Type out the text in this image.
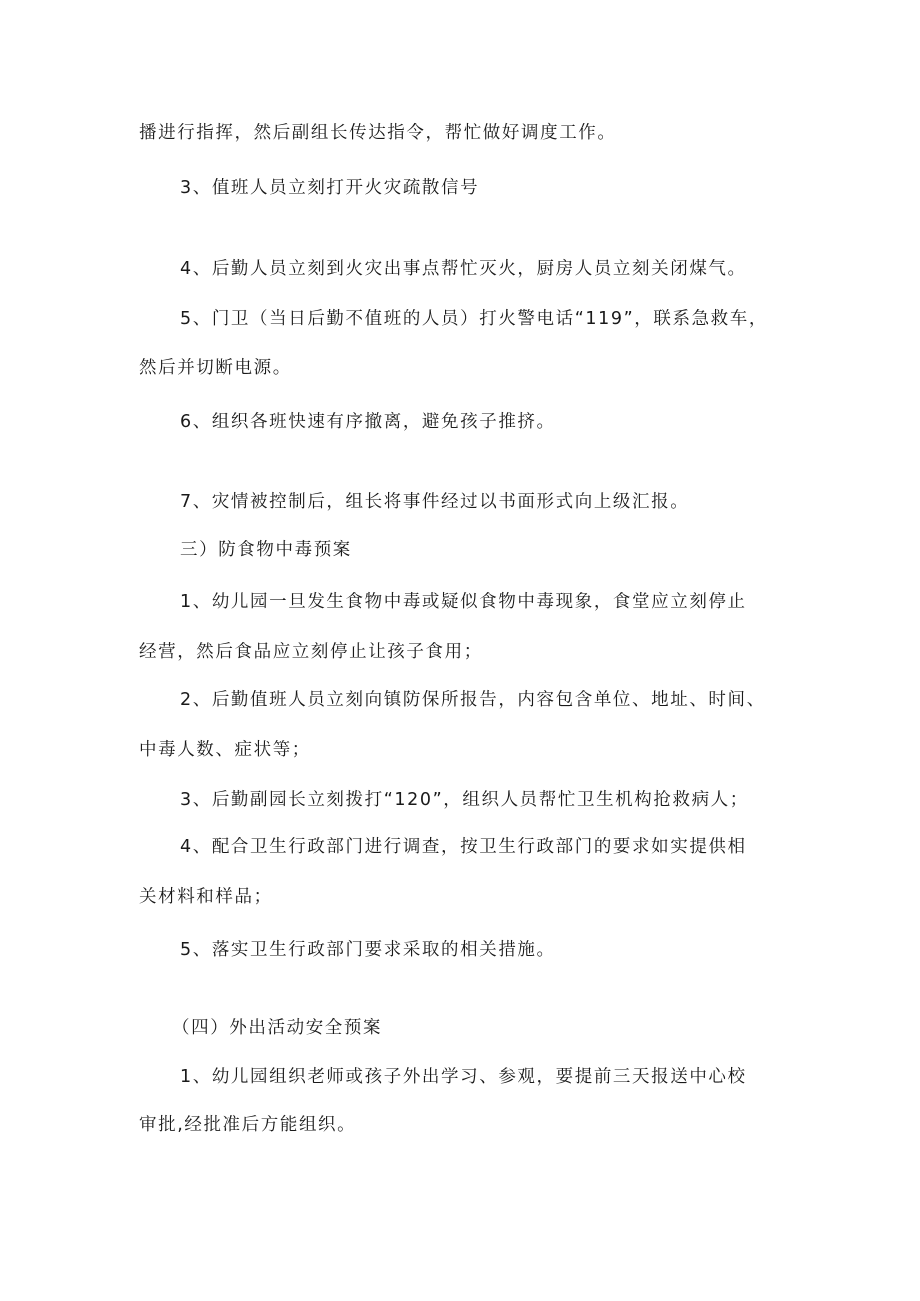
播进行指挥，然后副组长传达指令，帮忙做好调度工作。
3、值班人员立刻打开火灾疏散信号
4、后勤人员立刻到火灾出事点帮忙灭火，厨房人员立刻关闭煤气。
5、门卫（当日后勤不值班的人员）打火警电话“119”，联系急救车，
然后并切断电源。
6、组织各班快速有序撤离，避免孩子推挤。
7、灾情被控制后，组长将事件经过以书面形式向上级汇报。
三）防食物中毒预案
1、幼儿园一旦发生食物中毒或疑似食物中毒现象，食堂应立刻停止
经营，然后食品应立刻停止让孩子食用；
2、后勤值班人员立刻向镇防保所报告，内容包含单位、地址、时间、
中毒人数、症状等；
3、后勤副园长立刻拨打“120”，组织人员帮忙卫生机构抢救病人；
4、配合卫生行政部门进行调查，按卫生行政部门的要求如实提供相
关材料和样品；
5、落实卫生行政部门要求采取的相关措施。
（四）外出活动安全预案
1、幼儿园组织老师或孩子外出学习、参观，要提前三天报送中心校
审批,经批准后方能组织。
